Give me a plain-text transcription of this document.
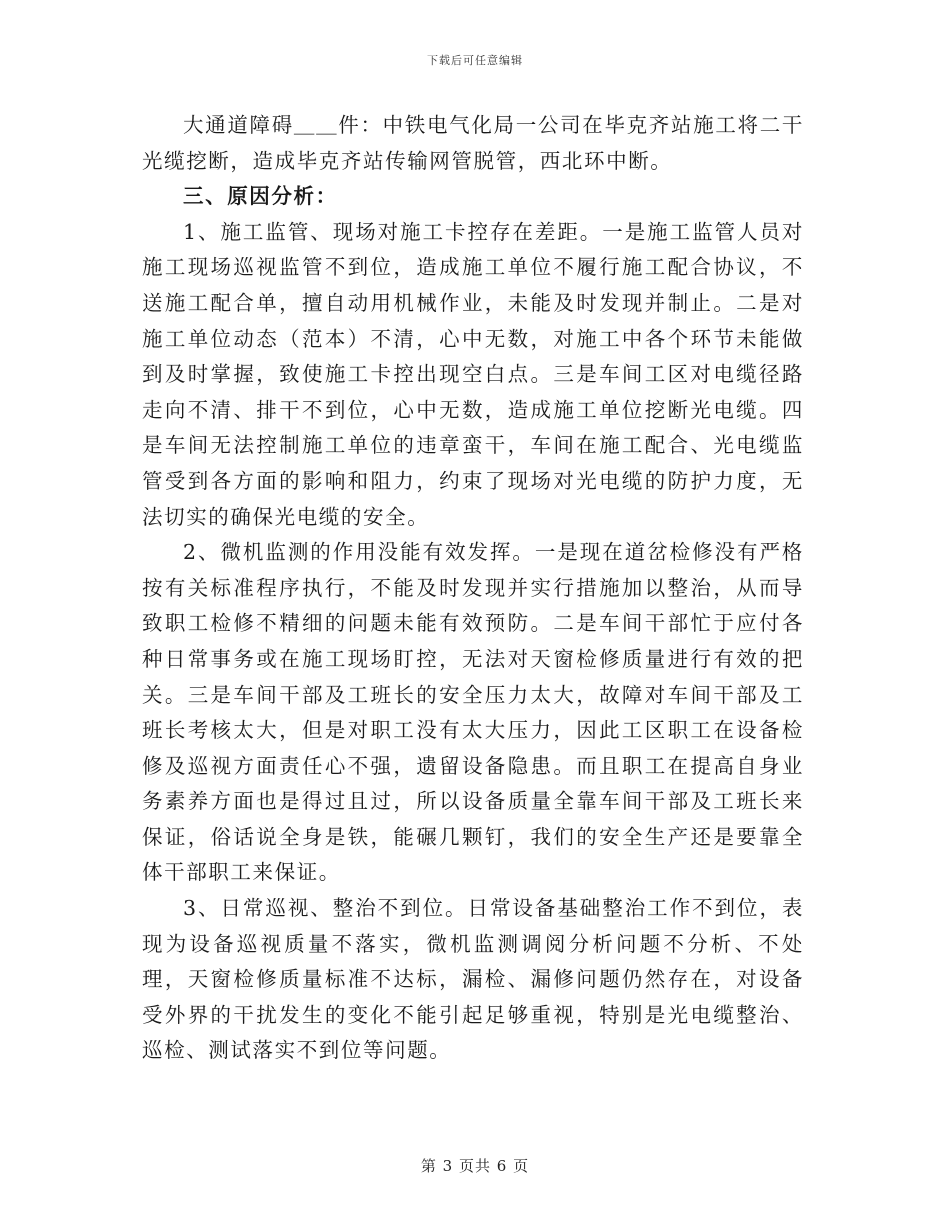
下载后可任意编辑

大通道障碍＿＿件：中铁电气化局一公司在毕克齐站施工将二干光缆挖断，造成毕克齐站传输网管脱管，西北环中断。

三、原因分析：

1、施工监管、现场对施工卡控存在差距。一是施工监管人员对施工现场巡视监管不到位，造成施工单位不履行施工配合协议，不送施工配合单，擅自动用机械作业，未能及时发现并制止。二是对施工单位动态（范本）不清，心中无数，对施工中各个环节未能做到及时掌握，致使施工卡控出现空白点。三是车间工区对电缆径路走向不清、排干不到位，心中无数，造成施工单位挖断光电缆。四是车间无法控制施工单位的违章蛮干，车间在施工配合、光电缆监管受到各方面的影响和阻力，约束了现场对光电缆的防护力度，无法切实的确保光电缆的安全。

2、微机监测的作用没能有效发挥。一是现在道岔检修没有严格按有关标准程序执行，不能及时发现并实行措施加以整治，从而导致职工检修不精细的问题未能有效预防。二是车间干部忙于应付各种日常事务或在施工现场盯控，无法对天窗检修质量进行有效的把关。三是车间干部及工班长的安全压力太大，故障对车间干部及工班长考核太大，但是对职工没有太大压力，因此工区职工在设备检修及巡视方面责任心不强，遗留设备隐患。而且职工在提高自身业务素养方面也是得过且过，所以设备质量全靠车间干部及工班长来保证，俗话说全身是铁，能碾几颗钉，我们的安全生产还是要靠全体干部职工来保证。

3、日常巡视、整治不到位。日常设备基础整治工作不到位，表现为设备巡视质量不落实，微机监测调阅分析问题不分析、不处理，天窗检修质量标准不达标，漏检、漏修问题仍然存在，对设备受外界的干扰发生的变化不能引起足够重视，特别是光电缆整治、巡检、测试落实不到位等问题。

第 3 页共 6 页
